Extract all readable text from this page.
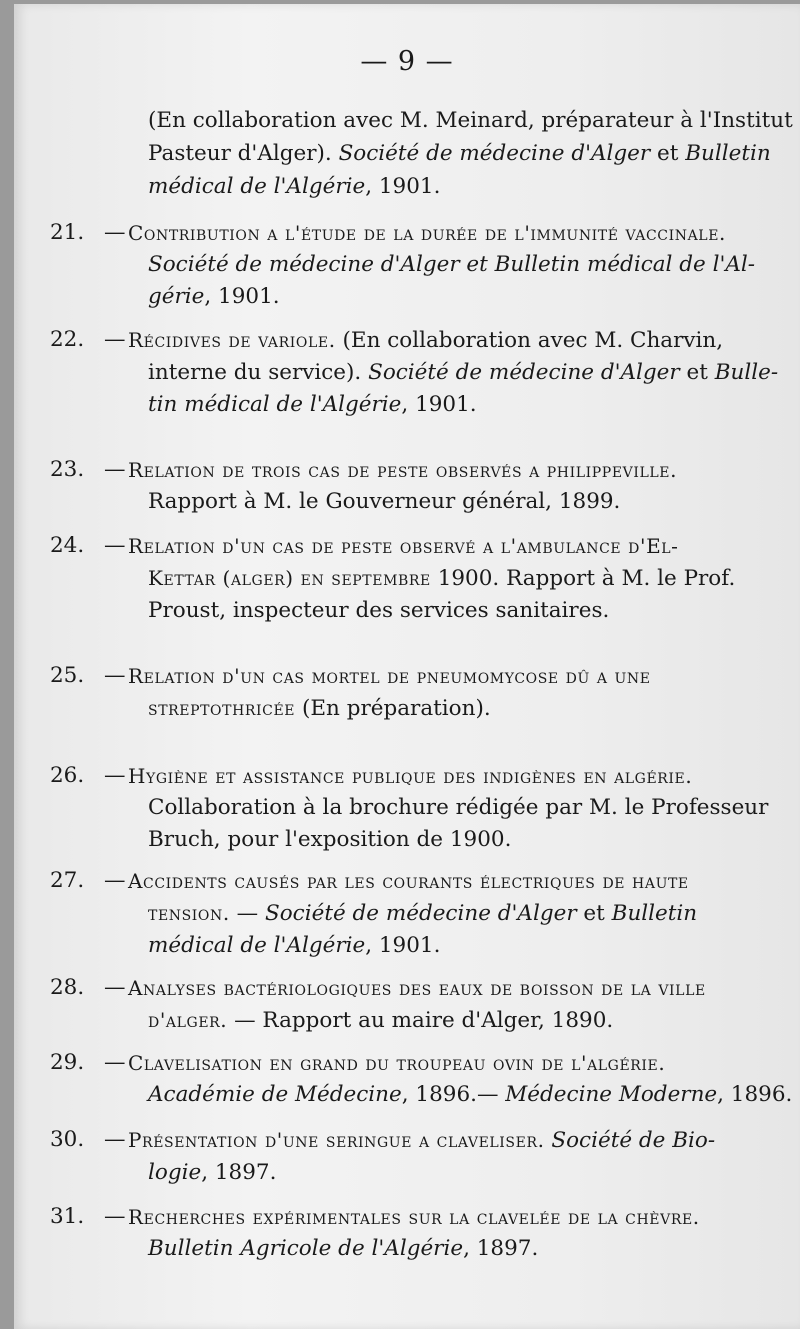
— 9 —
(En collaboration avec M. Meinard, préparateur à l'Institut
Pasteur d'Alger). Société de médecine d'Alger et Bulletin
médical de l'Algérie, 1901.
21. — Contribution a l'étude de la durée de l'immunité vaccinale.
Société de médecine d'Alger et Bulletin médical de l'Al-
gérie, 1901.
22. — Récidives de variole. (En collaboration avec M. Charvin,
interne du service). Société de médecine d'Alger et Bulle-
tin médical de l'Algérie, 1901.
23. — Relation de trois cas de peste observés a philippeville.
Rapport à M. le Gouverneur général, 1899.
24. — Relation d'un cas de peste observé a l'ambulance d'El-
Kettar (alger) en septembre 1900. Rapport à M. le Prof.
Proust, inspecteur des services sanitaires.
25. — Relation d'un cas mortel de pneumomycose dû a une
streptothricée (En préparation).
26. — Hygiène et assistance publique des indigènes en algérie.
Collaboration à la brochure rédigée par M. le Professeur
Bruch, pour l'exposition de 1900.
27. — Accidents causés par les courants électriques de haute
tension. — Société de médecine d'Alger et Bulletin
médical de l'Algérie, 1901.
28. — Analyses bactériologiques des eaux de boisson de la ville
d'alger. — Rapport au maire d'Alger, 1890.
29. — Clavelisation en grand du troupeau ovin de l'algérie.
Académie de Médecine, 1896.— Médecine Moderne, 1896.
30. — Présentation d'une seringue a claveliser. Société de Bio-
logie, 1897.
31. — Recherches expérimentales sur la clavelée de la chèvre.
Bulletin Agricole de l'Algérie, 1897.
